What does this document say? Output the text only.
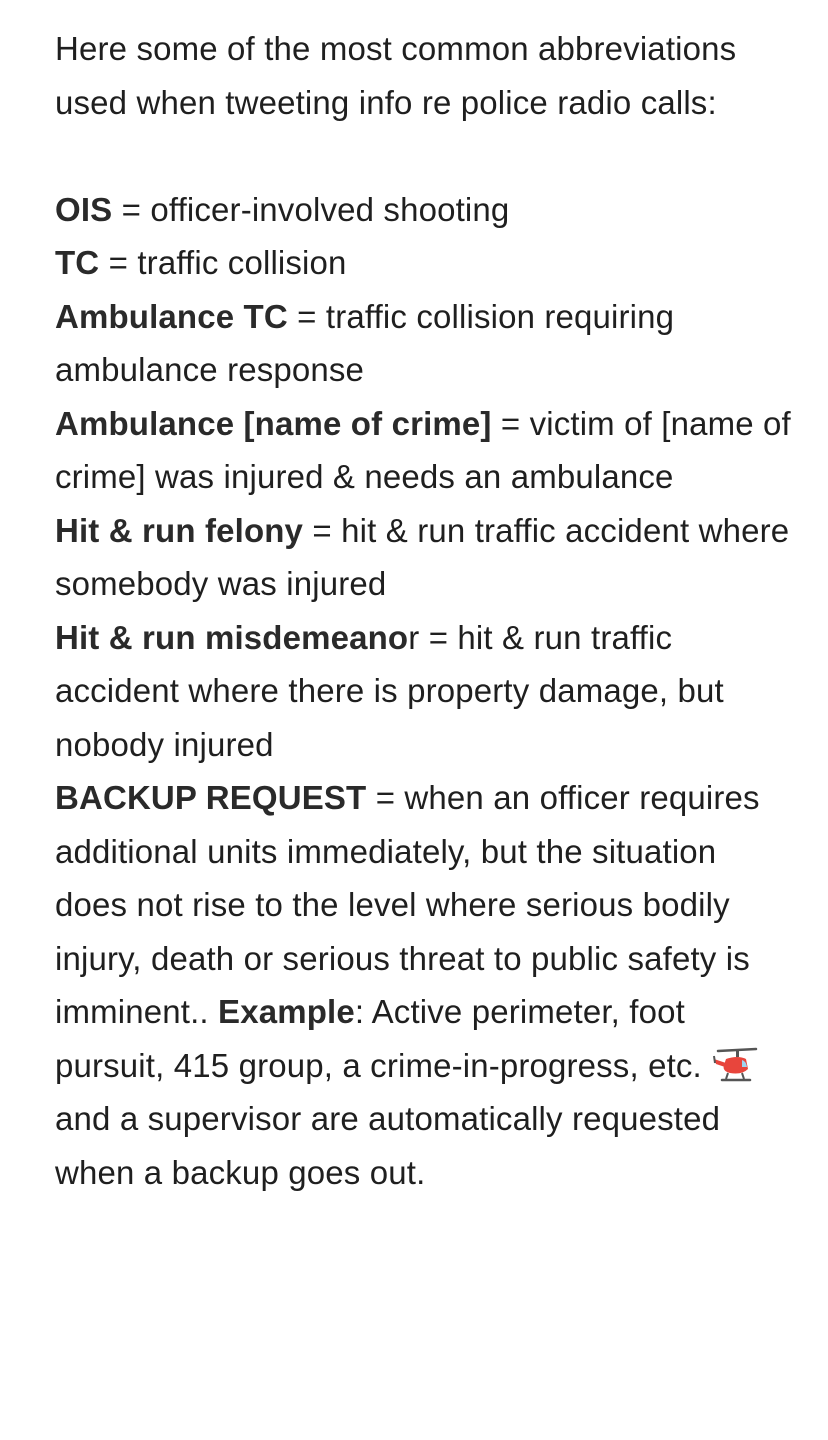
Here some of the most common abbreviations used when tweeting info re police radio calls:

OIS = officer-involved shooting

TC = traffic collision

Ambulance TC = traffic collision requiring ambulance response

Ambulance [name of crime] = victim of [name of crime] was injured & needs an ambulance

Hit & run felony = hit & run traffic accident where somebody was injured

Hit & run misdemeanor = hit & run traffic accident where there is property damage, but nobody injured

BACKUP REQUEST = when an officer requires additional units immediately, but the situation does not rise to the level where serious bodily injury, death or serious threat to public safety is imminent.. Example: Active perimeter, foot pursuit, 415 group, a crime-in-progress, etc.and a supervisor are automatically requested when a backup goes out.
